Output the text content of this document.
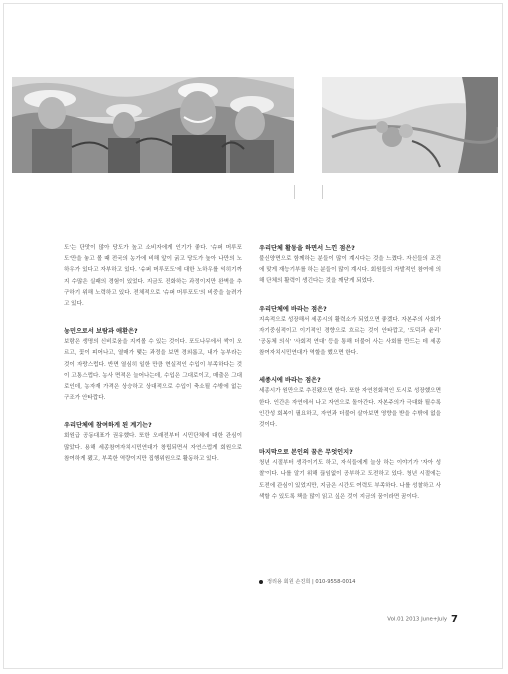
도'는 단맛이 많아 당도가 높고 소비자에게 인기가 좋다. '슈퍼 머루포도'만을 놓고 볼 때 전국의 농가에 비해 앞이 굵고 당도가 높아 나만의 노하우가 있다고 자부하고 있다. '슈퍼 머루포도'에 대한 노하우를 익히기까지 수많은 실패의 경험이 있었다. 지금도 진화하는 과정이지만 완벽을 추구하기 위해 노력하고 있다. 전체적으로 '슈퍼 머루포도'의 비중을 늘려가고 있다.

농민으로서 보람과 애환은?

보람은 생명의 신비로움을 지켜볼 수 있는 것이다. 포도나무에서 싹이 오르고, 꽃이 피어나고, 열매가 맺는 과정을 보면 경외롭고, 내가 농부라는 것이 자랑스럽다. 반면 열심히 일한 만큼 현실적인 수입이 부족하다는 것이 고통스럽다. 농사 면적은 늘어나는데, 수입은 그대로이고, 매출은 그대로인데, 농자재 가격은 상승하고 상대적으로 수입이 축소될 수밖에 없는 구조가 안타깝다.

우리단체에 참여하게 된 계기는?

회원급 공동대표가 권유했다. 또한 오래전부터 시민단체에 대한 관심이 많았다. 용해 세종참여자치시민연대가 창립되면서 자연스럽게 회원으로 참여하게 됐고, 부족한 역량이지만 집행위원으로 활동하고 있다.

우리단체 활동을 하면서 느낀 점은?

불신양면으로 함께하는 분들이 많이 계시다는 것을 느꼈다. 자신들의 조건에 맞게 재능기부를 하는 분들이 많이 계시다. 회원들의 자발적인 참여에 의해 단체의 활력이 생긴다는 것을 깨닫게 되었다.

우리단체에 바라는 점은?

지속적으로 성장해서 세종시의 활력소가 되었으면 좋겠다. 자본주의 사회가 자기중심적이고 이기적인 경향으로 흐르는 것이 안타깝고, '도덕과 윤리' '공동체 의식' '사회적 연대' 등을 통해 더불어 사는 사회를 만드는 데 세종참여자치시민연대가 역할을 했으면 한다.

세종시에 바라는 점은?

세종시가 원만으로 추진됐으면 한다. 또한 자연친화적인 도시로 성장했으면 한다. 인간은 자연에서 나고 자연으로 돌아간다. 자본주의가 극대화 될수록 인간성 회복이 필요하고, 자연과 더불어 살아보면 영향을 받을 수밖에 없을 것이다.

마지막으로 본인의 꿈은 무엇인지?

청년 시절부터 생각이기도 하고, 자식들에게 늘상 하는 이야기가 '자아 성찰'이다. 나를 알기 위해 끊임없이 공부하고 도전하고 있다. 청년 시절에는 도전에 관심이 있었지만, 지금은 시간도 여력도 부족하다. 나를 성찰하고 사색할 수 있도록 책을 많이 읽고 싶은 것이 지금의 꿈이라면 꿈이다.

정리용 회원 손진희 | 010-9558-0014
Vol.01 2013 June+July 7
